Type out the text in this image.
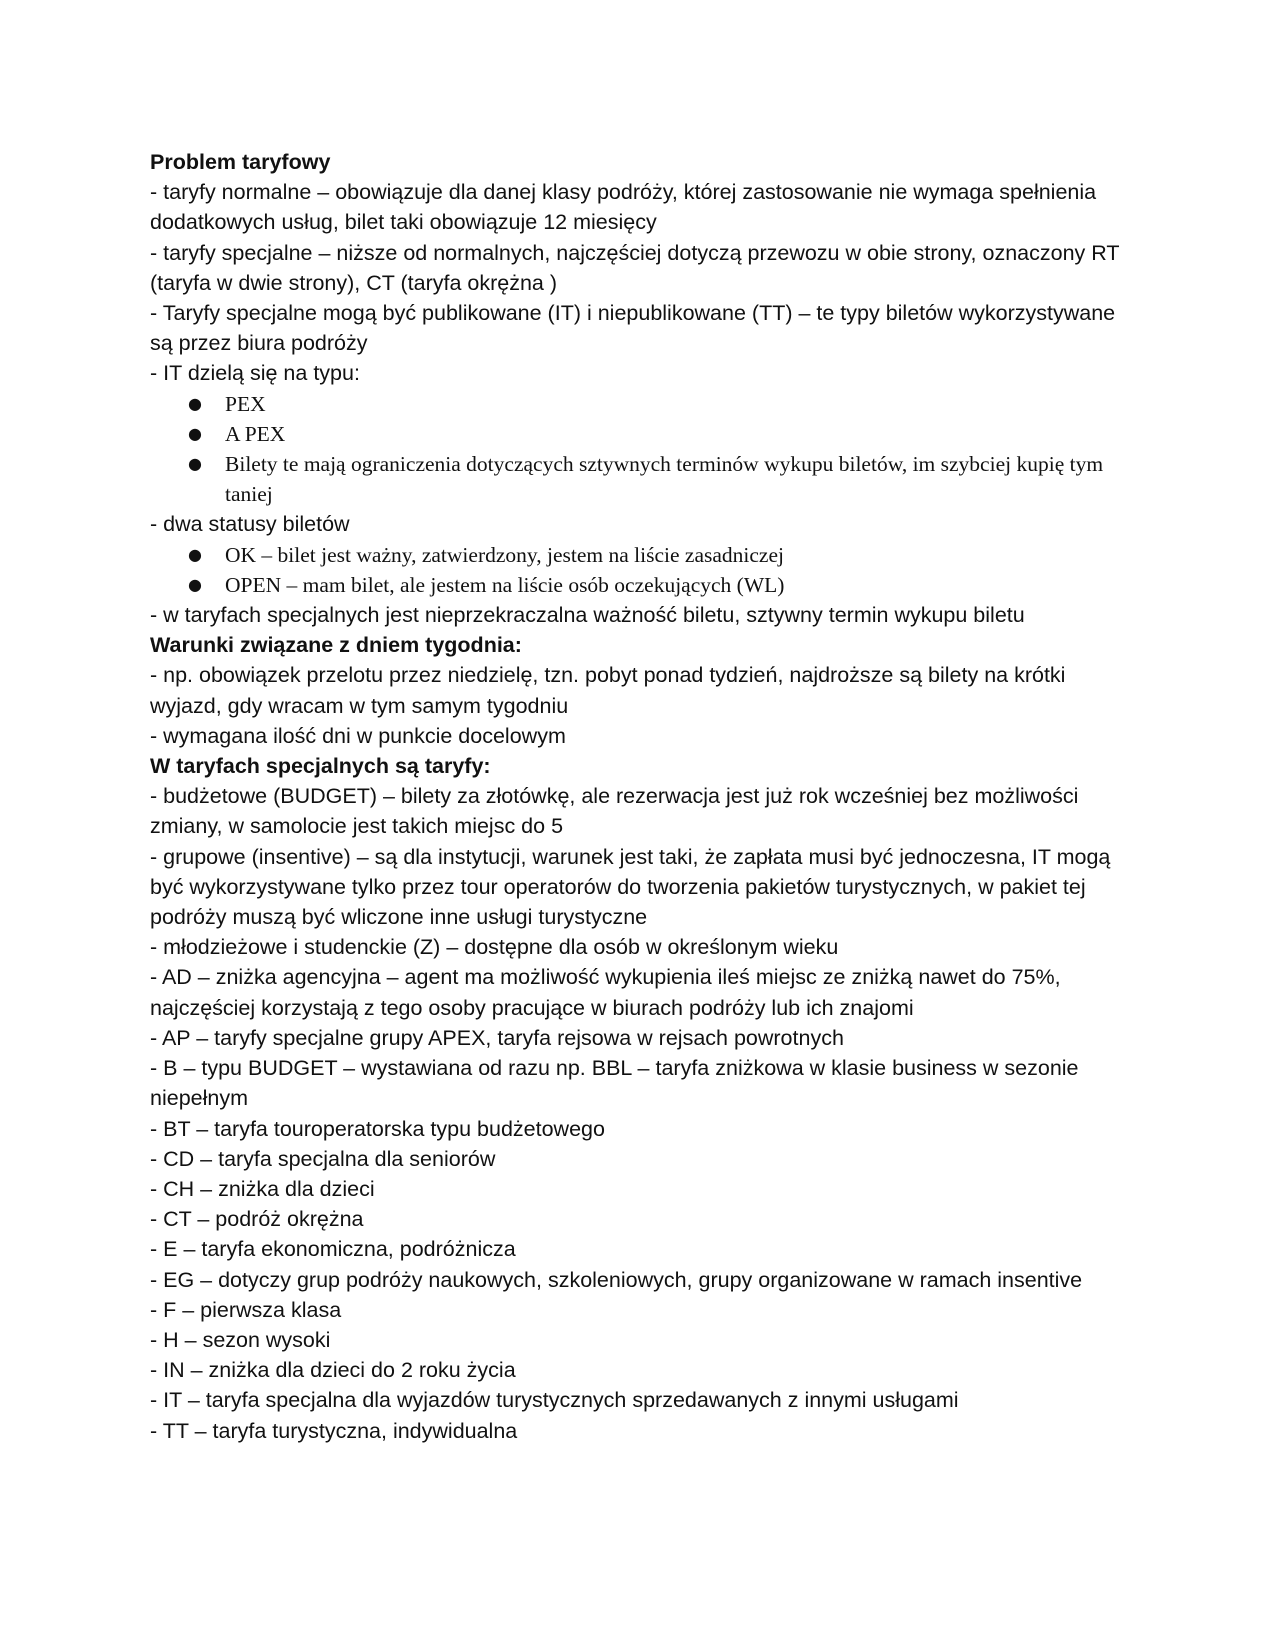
Problem taryfowy

- taryfy normalne – obowiązuje dla danej klasy podróży, której zastosowanie nie wymaga spełnienia dodatkowych usług, bilet taki obowiązuje 12 miesięcy

- taryfy specjalne – niższe od normalnych, najczęściej dotyczą przewozu w obie strony, oznaczony RT (taryfa w dwie strony), CT (taryfa okrężna )

- Taryfy specjalne mogą być publikowane (IT) i niepublikowane (TT) – te typy biletów wykorzystywane są przez biura podróży

- IT dzielą się na typu:

● PEX
● A PEX
● Bilety te mają ograniczenia dotyczących sztywnych terminów wykupu biletów, im szybciej kupię tym taniej

- dwa statusy biletów

● OK – bilet jest ważny, zatwierdzony, jestem na liście zasadniczej
● OPEN – mam bilet, ale jestem na liście osób oczekujących (WL)

- w taryfach specjalnych jest nieprzekraczalna ważność biletu, sztywny termin wykupu biletu

Warunki związane z dniem tygodnia:

- np. obowiązek przelotu przez niedzielę, tzn. pobyt ponad tydzień, najdroższe są bilety na krótki wyjazd, gdy wracam w tym samym tygodniu

- wymagana ilość dni w punkcie docelowym

W taryfach specjalnych są taryfy:

- budżetowe (BUDGET) – bilety za złotówkę, ale rezerwacja jest już rok wcześniej bez możliwości zmiany, w samolocie jest takich miejsc do 5

- grupowe (insentive) – są dla instytucji, warunek jest taki, że zapłata musi być jednoczesna, IT mogą być wykorzystywane tylko przez tour operatorów do tworzenia pakietów turystycznych, w pakiet tej podróży muszą być wliczone inne usługi turystyczne

- młodzieżowe i studenckie (Z) – dostępne dla osób w określonym wieku

- AD – zniżka agencyjna – agent ma możliwość wykupienia ileś miejsc ze zniżką nawet do 75%, najczęściej korzystają z tego osoby pracujące w biurach podróży lub ich znajomi

- AP – taryfy specjalne grupy APEX, taryfa rejsowa w rejsach powrotnych

- B – typu BUDGET – wystawiana od razu np. BBL – taryfa zniżkowa w klasie business w sezonie niepełnym

- BT – taryfa touroperatorska typu budżetowego

- CD – taryfa specjalna dla seniorów

- CH – zniżka dla dzieci

- CT – podróż okrężna

- E – taryfa ekonomiczna, podróżnicza

- EG – dotyczy grup podróży naukowych, szkoleniowych, grupy organizowane w ramach insentive

- F – pierwsza klasa

- H – sezon wysoki

- IN – zniżka dla dzieci do 2 roku życia

- IT – taryfa specjalna dla wyjazdów turystycznych sprzedawanych z innymi usługami

- TT – taryfa turystyczna, indywidualna
